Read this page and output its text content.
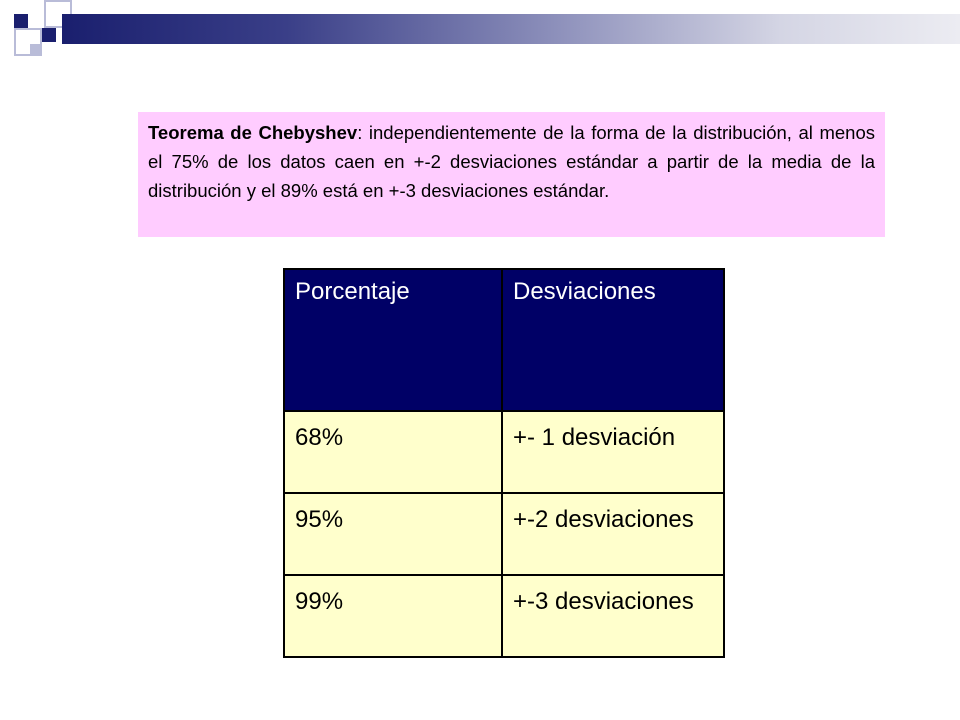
Teorema de Chebyshev: independientemente de la forma de la distribución, al menos el 75% de los datos caen en +-2 desviaciones estándar a partir de la media de la distribución y el 89% está en +-3 desviaciones estándar.
Porcentaje	Desviaciones
68%	+- 1 desviación
95%	+-2 desviaciones
99%	+-3 desviaciones
